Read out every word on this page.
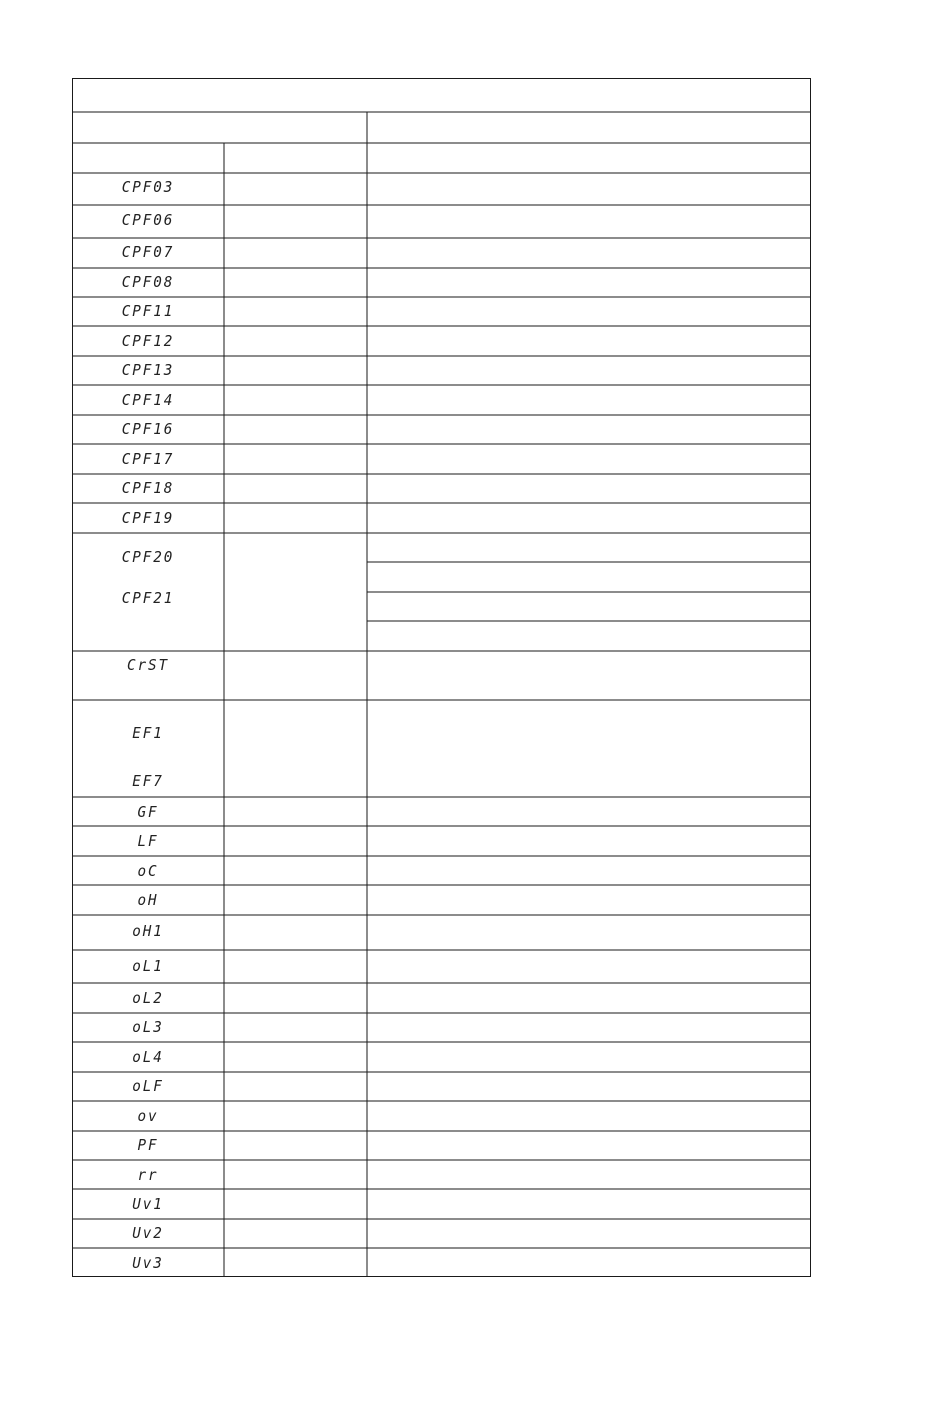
CPF03
CPF06
CPF07
CPF08
CPF11
CPF12
CPF13
CPF14
CPF16
CPF17
CPF18
CPF19
CPF20
CPF21
CrST
EF1
EF7
GF
LF
oC
oH
oH1
oL1
oL2
oL3
oL4
oLF
ov
PF
rr
Uv1
Uv2
Uv3
